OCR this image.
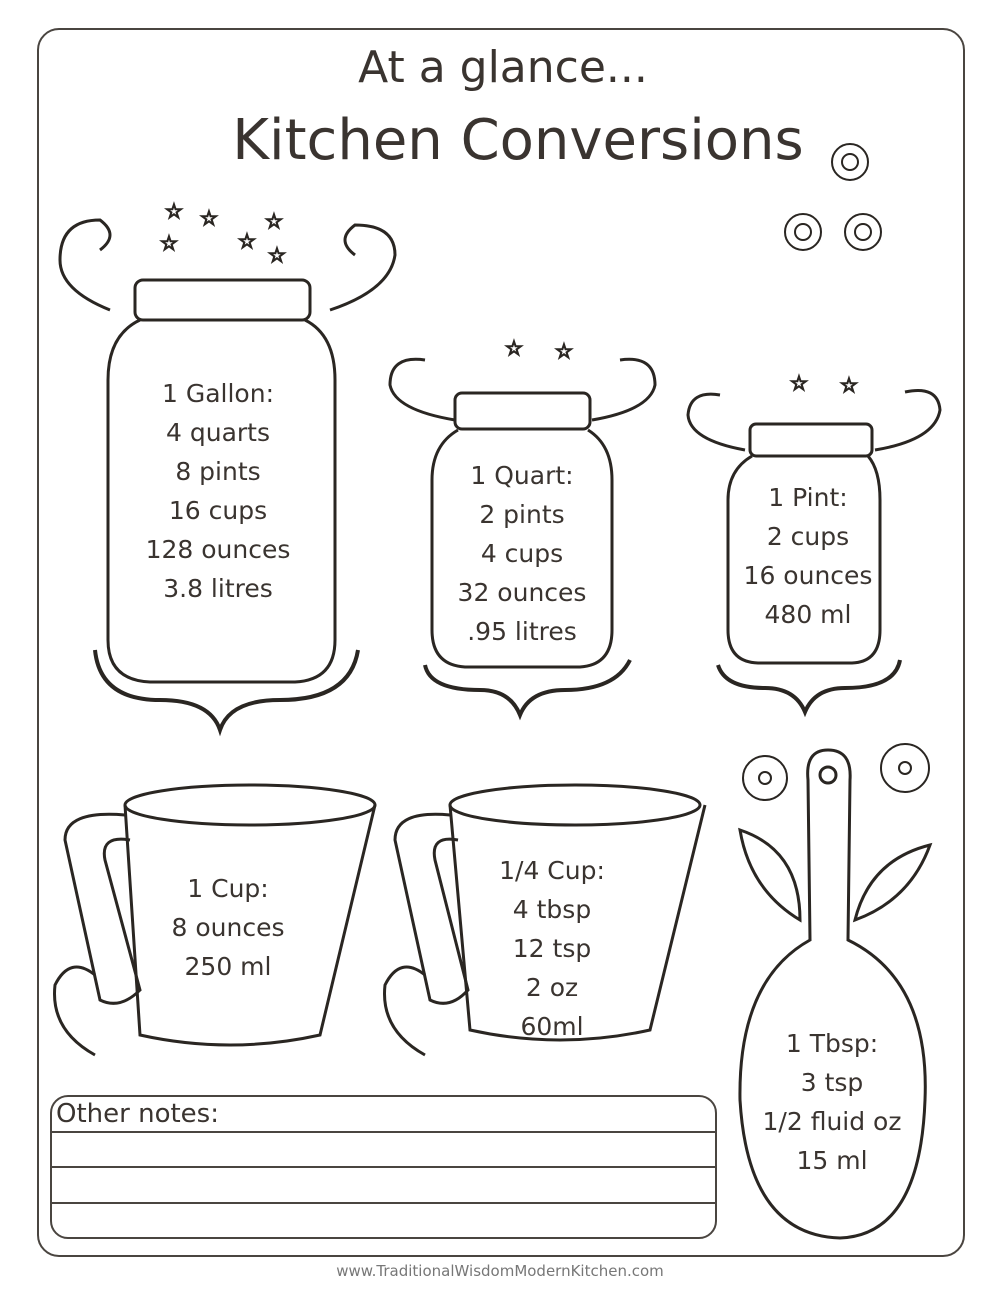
☆ ☆ ☆
☆	☆
☆
☆ ☆
☆ ☆
At a glance...
Kitchen Conversions
1 Gallon:
4 quarts
8 pints
16 cups
128 ounces
3.8 litres
1 Quart:
2 pints
4 cups
32 ounces
.95 litres
1 Pint:
2 cups
16 ounces
480 ml
1 Cup:
8 ounces
250 ml
1/4 Cup:
4 tbsp
12 tsp
2 oz
60ml
1 Tbsp:
3 tsp
1/2 fluid oz
15 ml
Other notes:
www.TraditionalWisdomModernKitchen.com
